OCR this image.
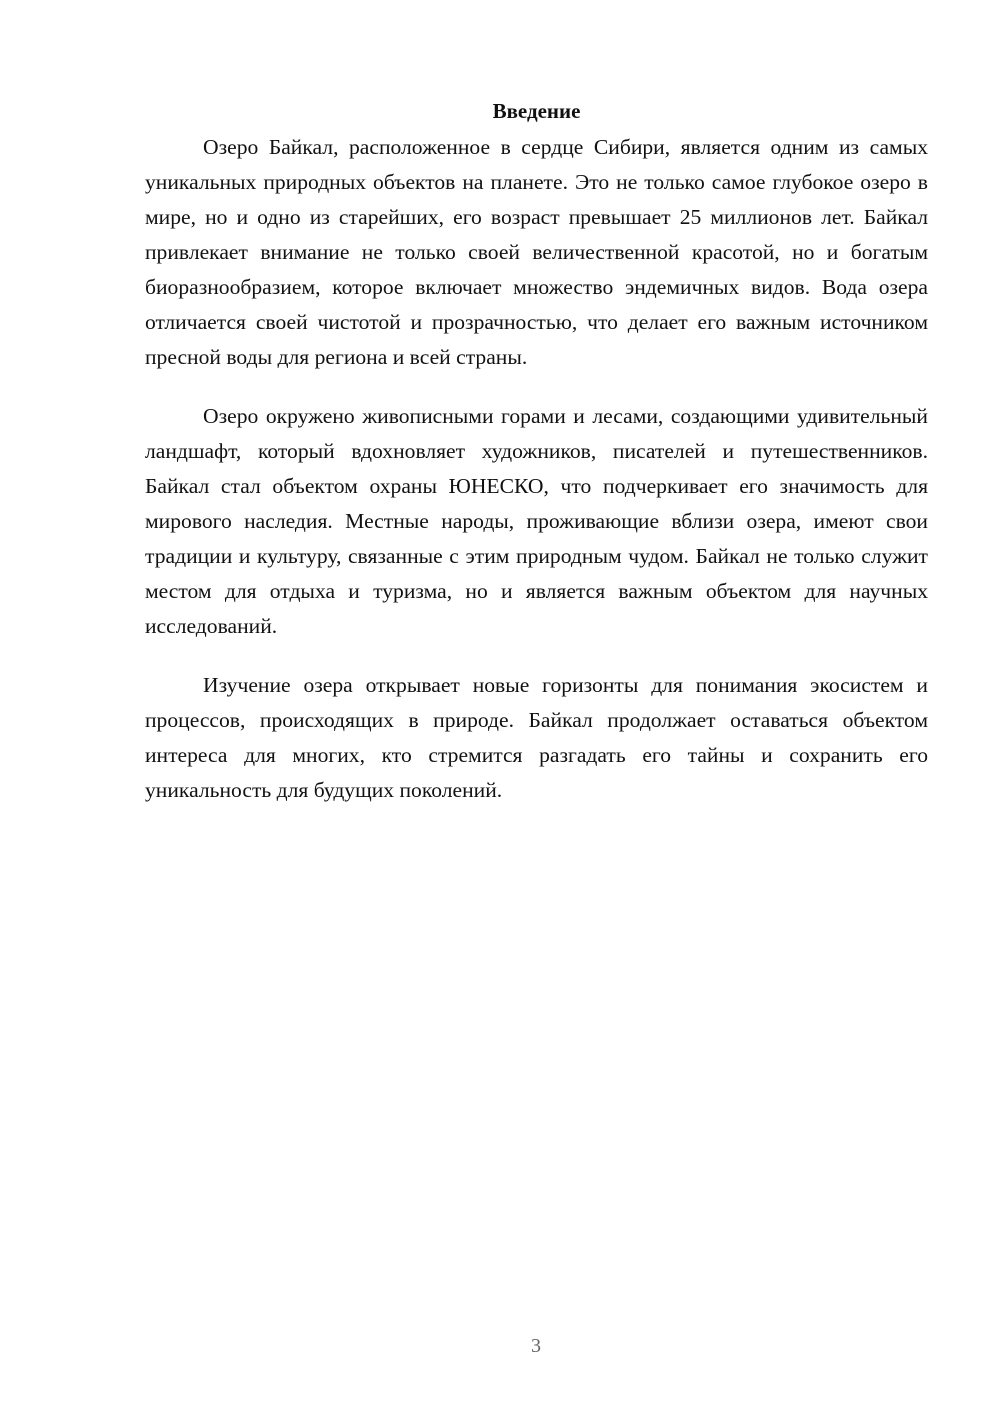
Введение

Озеро Байкал, расположенное в сердце Сибири, является одним из самых уникальных природных объектов на планете. Это не только самое глубокое озеро в мире, но и одно из старейших, его возраст превышает 25 миллионов лет. Байкал привлекает внимание не только своей величественной красотой, но и богатым биоразнообразием, которое включает множество эндемичных видов. Вода озера отличается своей чистотой и прозрачностью, что делает его важным источником пресной воды для региона и всей страны.

Озеро окружено живописными горами и лесами, создающими удивительный ландшафт, который вдохновляет художников, писателей и путешественников. Байкал стал объектом охраны ЮНЕСКО, что подчеркивает его значимость для мирового наследия. Местные народы, проживающие вблизи озера, имеют свои традиции и культуру, связанные с этим природным чудом. Байкал не только служит местом для отдыха и туризма, но и является важным объектом для научных исследований.

Изучение озера открывает новые горизонты для понимания экосистем и процессов, происходящих в природе. Байкал продолжает оставаться объектом интереса для многих, кто стремится разгадать его тайны и сохранить его уникальность для будущих поколений.

3
